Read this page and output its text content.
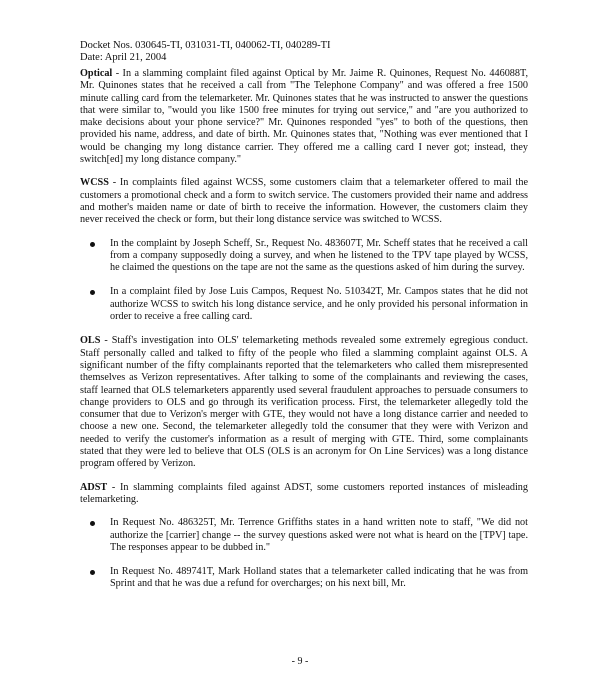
Docket Nos. 030645-TI, 031031-TI, 040062-TI, 040289-TI
Date: April 21, 2004

Optical - In a slamming complaint filed against Optical by Mr. Jaime R. Quinones, Request No. 446088T, Mr. Quinones states that he received a call from "The Telephone Company" and was offered a free 1500 minute calling card from the telemarketer. Mr. Quinones states that he was instructed to answer the questions that were similar to, "would you like 1500 free minutes for trying out service," and "are you authorized to make decisions about your phone service?" Mr. Quinones responded "yes" to both of the questions, then provided his name, address, and date of birth. Mr. Quinones states that, "Nothing was ever mentioned that I would be changing my long distance carrier. They offered me a calling card I never got; instead, they switch[ed] my long distance company."

WCSS - In complaints filed against WCSS, some customers claim that a telemarketer offered to mail the customers a promotional check and a form to switch service. The customers provided their name and address and mother's maiden name or date of birth to receive the information. However, the customers claim they never received the check or form, but their long distance service was switched to WCSS.

In the complaint by Joseph Scheff, Sr., Request No. 483607T, Mr. Scheff states that he received a call from a company supposedly doing a survey, and when he listened to the TPV tape played by WCSS, he claimed the questions on the tape are not the same as the questions asked of him during the survey.
In a complaint filed by Jose Luis Campos, Request No. 510342T, Mr. Campos states that he did not authorize WCSS to switch his long distance service, and he only provided his personal information in order to receive a free calling card.

OLS - Staff's investigation into OLS' telemarketing methods revealed some extremely egregious conduct. Staff personally called and talked to fifty of the people who filed a slamming complaint against OLS. A significant number of the fifty complainants reported that the telemarketers who called them misrepresented themselves as Verizon representatives. After talking to some of the complainants and reviewing the cases, staff learned that OLS telemarketers apparently used several fraudulent approaches to persuade consumers to change providers to OLS and go through its verification process. First, the telemarketer allegedly told the consumer that due to Verizon's merger with GTE, they would not have a long distance carrier and needed to choose a new one. Second, the telemarketer allegedly told the consumer that they were with Verizon and needed to verify the customer's information as a result of merging with GTE. Third, some complainants stated that they were led to believe that OLS (OLS is an acronym for On Line Services) was a long distance program offered by Verizon.

ADST - In slamming complaints filed against ADST, some customers reported instances of misleading telemarketing.

In Request No. 486325T, Mr. Terrence Griffiths states in a hand written note to staff, "We did not authorize the [carrier] change -- the survey questions asked were not what is heard on the [TPV] tape. The responses appear to be dubbed in."
In Request No. 489741T, Mark Holland states that a telemarketer called indicating that he was from Sprint and that he was due a refund for overcharges; on his next bill, Mr.
- 9 -
